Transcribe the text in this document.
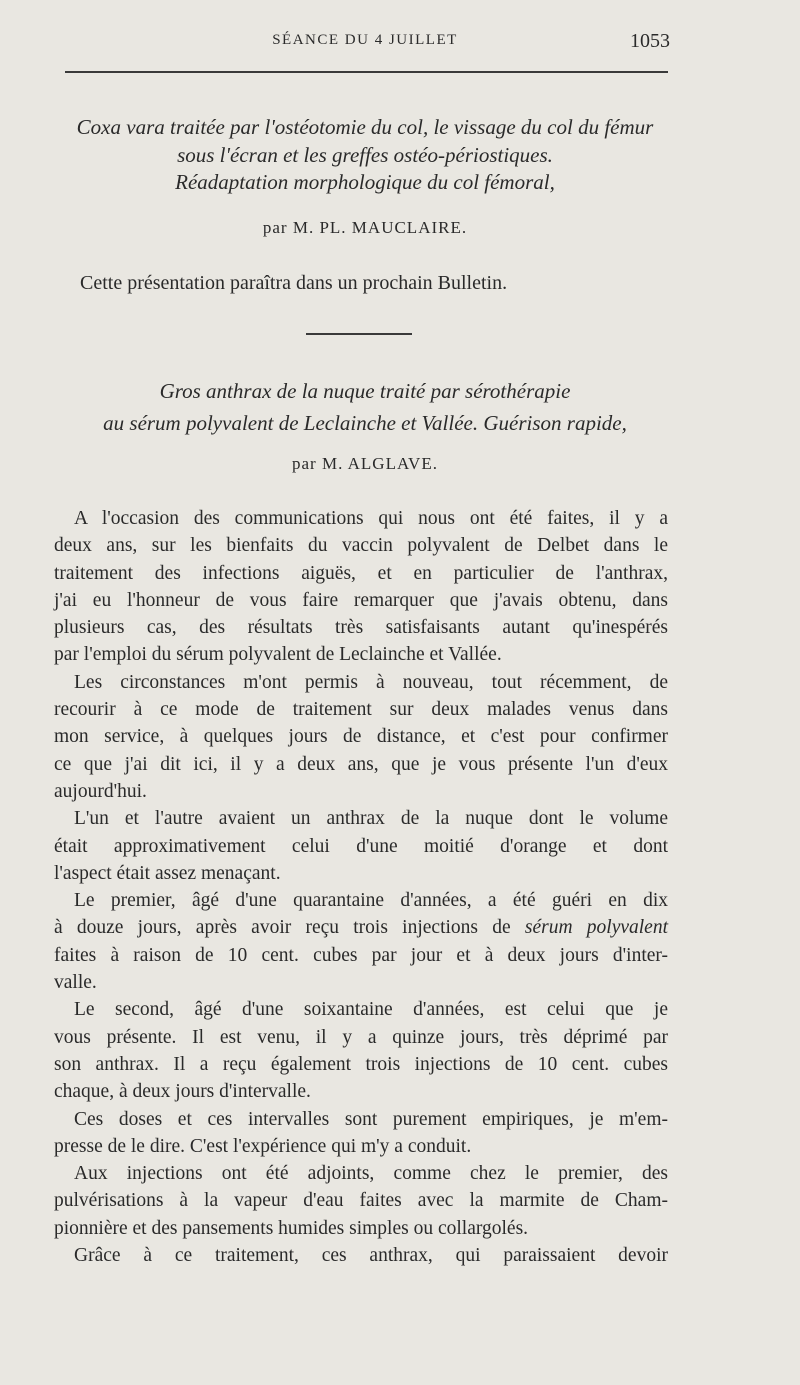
SÉANCE DU 4 JUILLET	1053
Coxa vara traitée par l'ostéotomie du col, le vissage du col du fémur
sous l'écran et les greffes ostéo-périostiques.
Réadaptation morphologique du col fémoral,
par M. PL. MAUCLAIRE.
Cette présentation paraîtra dans un prochain Bulletin.
Gros anthrax de la nuque traité par sérothérapie
au sérum polyvalent de Leclainche et Vallée. Guérison rapide,
par M. ALGLAVE.
A l'occasion des communications qui nous ont été faites, il y a
deux ans, sur les bienfaits du vaccin polyvalent de Delbet dans le
traitement des infections aiguës, et en particulier de l'anthrax,
j'ai eu l'honneur de vous faire remarquer que j'avais obtenu, dans
plusieurs cas, des résultats très satisfaisants autant qu'inespérés
par l'emploi du sérum polyvalent de Leclainche et Vallée.
Les circonstances m'ont permis à nouveau, tout récemment, de
recourir à ce mode de traitement sur deux malades venus dans
mon service, à quelques jours de distance, et c'est pour confirmer
ce que j'ai dit ici, il y a deux ans, que je vous présente l'un d'eux
aujourd'hui.
L'un et l'autre avaient un anthrax de la nuque dont le volume
était approximativement celui d'une moitié d'orange et dont
l'aspect était assez menaçant.
Le premier, âgé d'une quarantaine d'années, a été guéri en dix
à douze jours, après avoir reçu trois injections de sérum polyvalent
faites à raison de 10 cent. cubes par jour et à deux jours d'inter-
valle.
Le second, âgé d'une soixantaine d'années, est celui que je
vous présente. Il est venu, il y a quinze jours, très déprimé par
son anthrax. Il a reçu également trois injections de 10 cent. cubes
chaque, à deux jours d'intervalle.
Ces doses et ces intervalles sont purement empiriques, je m'em-
presse de le dire. C'est l'expérience qui m'y a conduit.
Aux injections ont été adjoints, comme chez le premier, des
pulvérisations à la vapeur d'eau faites avec la marmite de Cham-
pionnière et des pansements humides simples ou collargolés.
Grâce à ce traitement, ces anthrax, qui paraissaient devoir
